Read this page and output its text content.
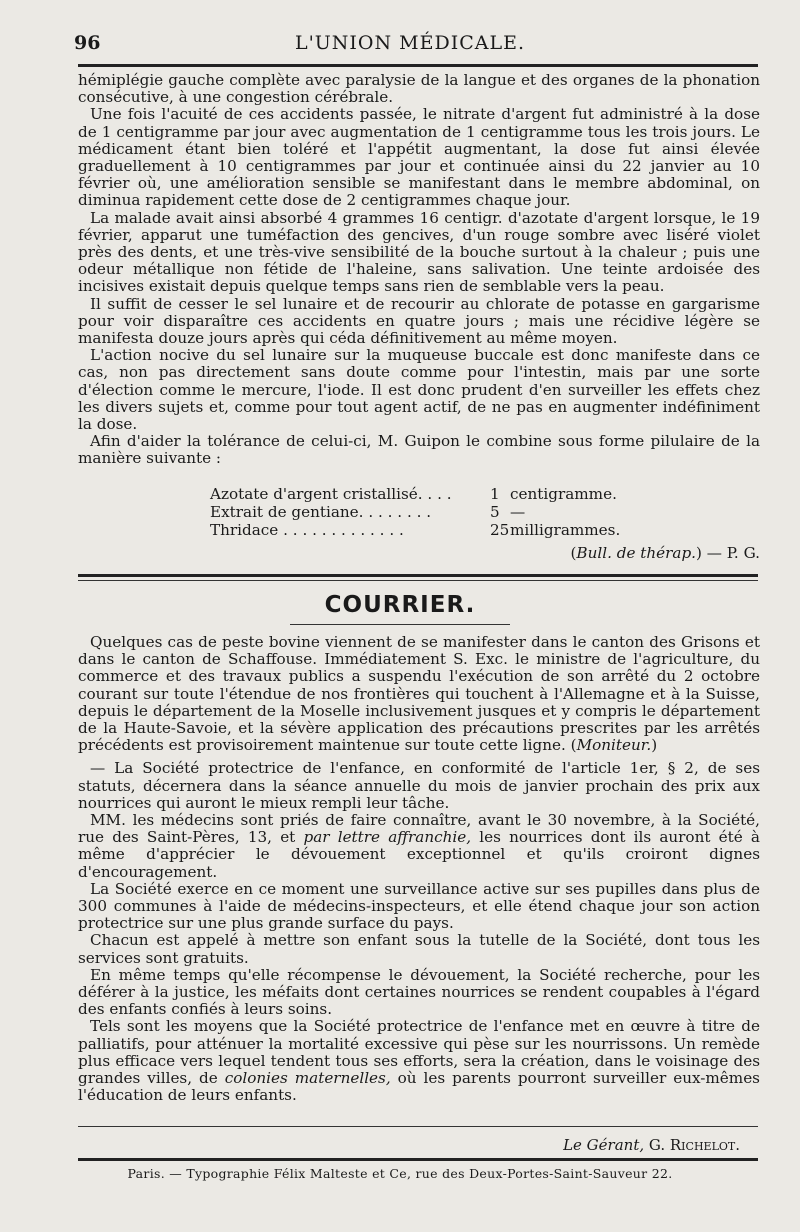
96	L'UNION MÉDICALE.

hémiplégie gauche complète avec paralysie de la langue et des organes de la phonation consécutive, à une congestion cérébrale.

Une fois l'acuité de ces accidents passée, le nitrate d'argent fut administré à la dose de 1 centigramme par jour avec augmentation de 1 centigramme tous les trois jours. Le médicament étant bien toléré et l'appétit augmentant, la dose fut ainsi élevée graduellement à 10 centigrammes par jour et continuée ainsi du 22 janvier au 10 février où, une amélioration sensible se manifestant dans le membre abdominal, on diminua rapidement cette dose de 2 centigrammes chaque jour.

La malade avait ainsi absorbé 4 grammes 16 centigr. d'azotate d'argent lorsque, le 19 février, apparut une tuméfaction des gencives, d'un rouge sombre avec liséré violet près des dents, et une très-vive sensibilité de la bouche surtout à la chaleur ; puis une odeur métallique non fétide de l'haleine, sans salivation. Une teinte ardoisée des incisives existait depuis quelque temps sans rien de semblable vers la peau.

Il suffit de cesser le sel lunaire et de recourir au chlorate de potasse en gargarisme pour voir disparaître ces accidents en quatre jours ; mais une récidive légère se manifesta douze jours après qui céda définitivement au même moyen.

L'action nocive du sel lunaire sur la muqueuse buccale est donc manifeste dans ce cas, non pas directement sans doute comme pour l'intestin, mais par une sorte d'élection comme le mercure, l'iode. Il est donc prudent d'en surveiller les effets chez les divers sujets et, comme pour tout agent actif, de ne pas en augmenter indéfiniment la dose.

Afin d'aider la tolérance de celui-ci, M. Guipon le combine sous forme pilulaire de la manière suivante :

Azotate d'argent cristallisé. . . .	1 centigramme.
Extrait de gentiane. . . . . . . .	5 —
Thridace . . . . . . . . . . . . .	25 milligrammes.
(Bull. de thérap.) — P. G.
COURRIER.

Quelques cas de peste bovine viennent de se manifester dans le canton des Grisons et dans le canton de Schaffouse. Immédiatement S. Exc. le ministre de l'agriculture, du commerce et des travaux publics a suspendu l'exécution de son arrêté du 2 octobre courant sur toute l'étendue de nos frontières qui touchent à l'Allemagne et à la Suisse, depuis le département de la Moselle inclusivement jusques et y compris le département de la Haute-Savoie, et la sévère application des précautions prescrites par les arrêtés précédents est provisoirement maintenue sur toute cette ligne. (Moniteur.)

— La Société protectrice de l'enfance, en conformité de l'article 1er, § 2, de ses statuts, décernera dans la séance annuelle du mois de janvier prochain des prix aux nourrices qui auront le mieux rempli leur tâche.

MM. les médecins sont priés de faire connaître, avant le 30 novembre, à la Société, rue des Saint-Pères, 13, et par lettre affranchie, les nourrices dont ils auront été à même d'apprécier le dévouement exceptionnel et qu'ils croiront dignes d'encouragement.

La Société exerce en ce moment une surveillance active sur ses pupilles dans plus de 300 communes à l'aide de médecins-inspecteurs, et elle étend chaque jour son action protectrice sur une plus grande surface du pays.

Chacun est appelé à mettre son enfant sous la tutelle de la Société, dont tous les services sont gratuits.

En même temps qu'elle récompense le dévouement, la Société recherche, pour les déférer à la justice, les méfaits dont certaines nourrices se rendent coupables à l'égard des enfants confiés à leurs soins.

Tels sont les moyens que la Société protectrice de l'enfance met en œuvre à titre de palliatifs, pour atténuer la mortalité excessive qui pèse sur les nourrissons. Un remède plus efficace vers lequel tendent tous ses efforts, sera la création, dans le voisinage des grandes villes, de colonies maternelles, où les parents pourront surveiller eux-mêmes l'éducation de leurs enfants.

Le Gérant, G. Richelot.
Paris. — Typographie Félix Malteste et Ce, rue des Deux-Portes-Saint-Sauveur 22.
